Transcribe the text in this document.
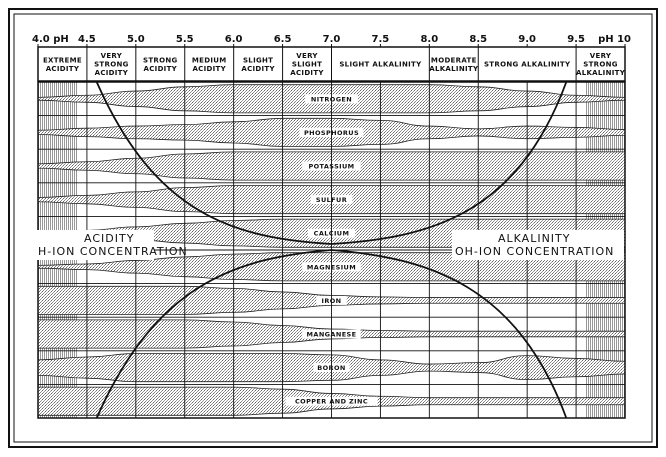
4.0 pH 4.5	5.0	5.5	6.0	6.5	7.0	7.5	8.0	8.5	9.0	9.5 pH 10
EXTREME
ACIDITY
VERY
STRONG
ACIDITY
STRONG
ACIDITY
MEDIUM
ACIDITY
SLIGHT
ACIDITY
VERY
SLIGHT
ACIDITY
SLIGHT ALKALINITY
MODERATE
ALKALINITY
STRONG ALKALINITY
VERY
STRONG
ALKALINITY
NITROGEN
PHOSPHORUS
POTASSIUM
SULFUR
CALCIUM
MAGNESIUM
IRON
MANGANESE
BORON
COPPER AND ZINC
ACIDITY
H-ION CONCENTRATION
ALKALINITY
OH-ION CONCENTRATION
